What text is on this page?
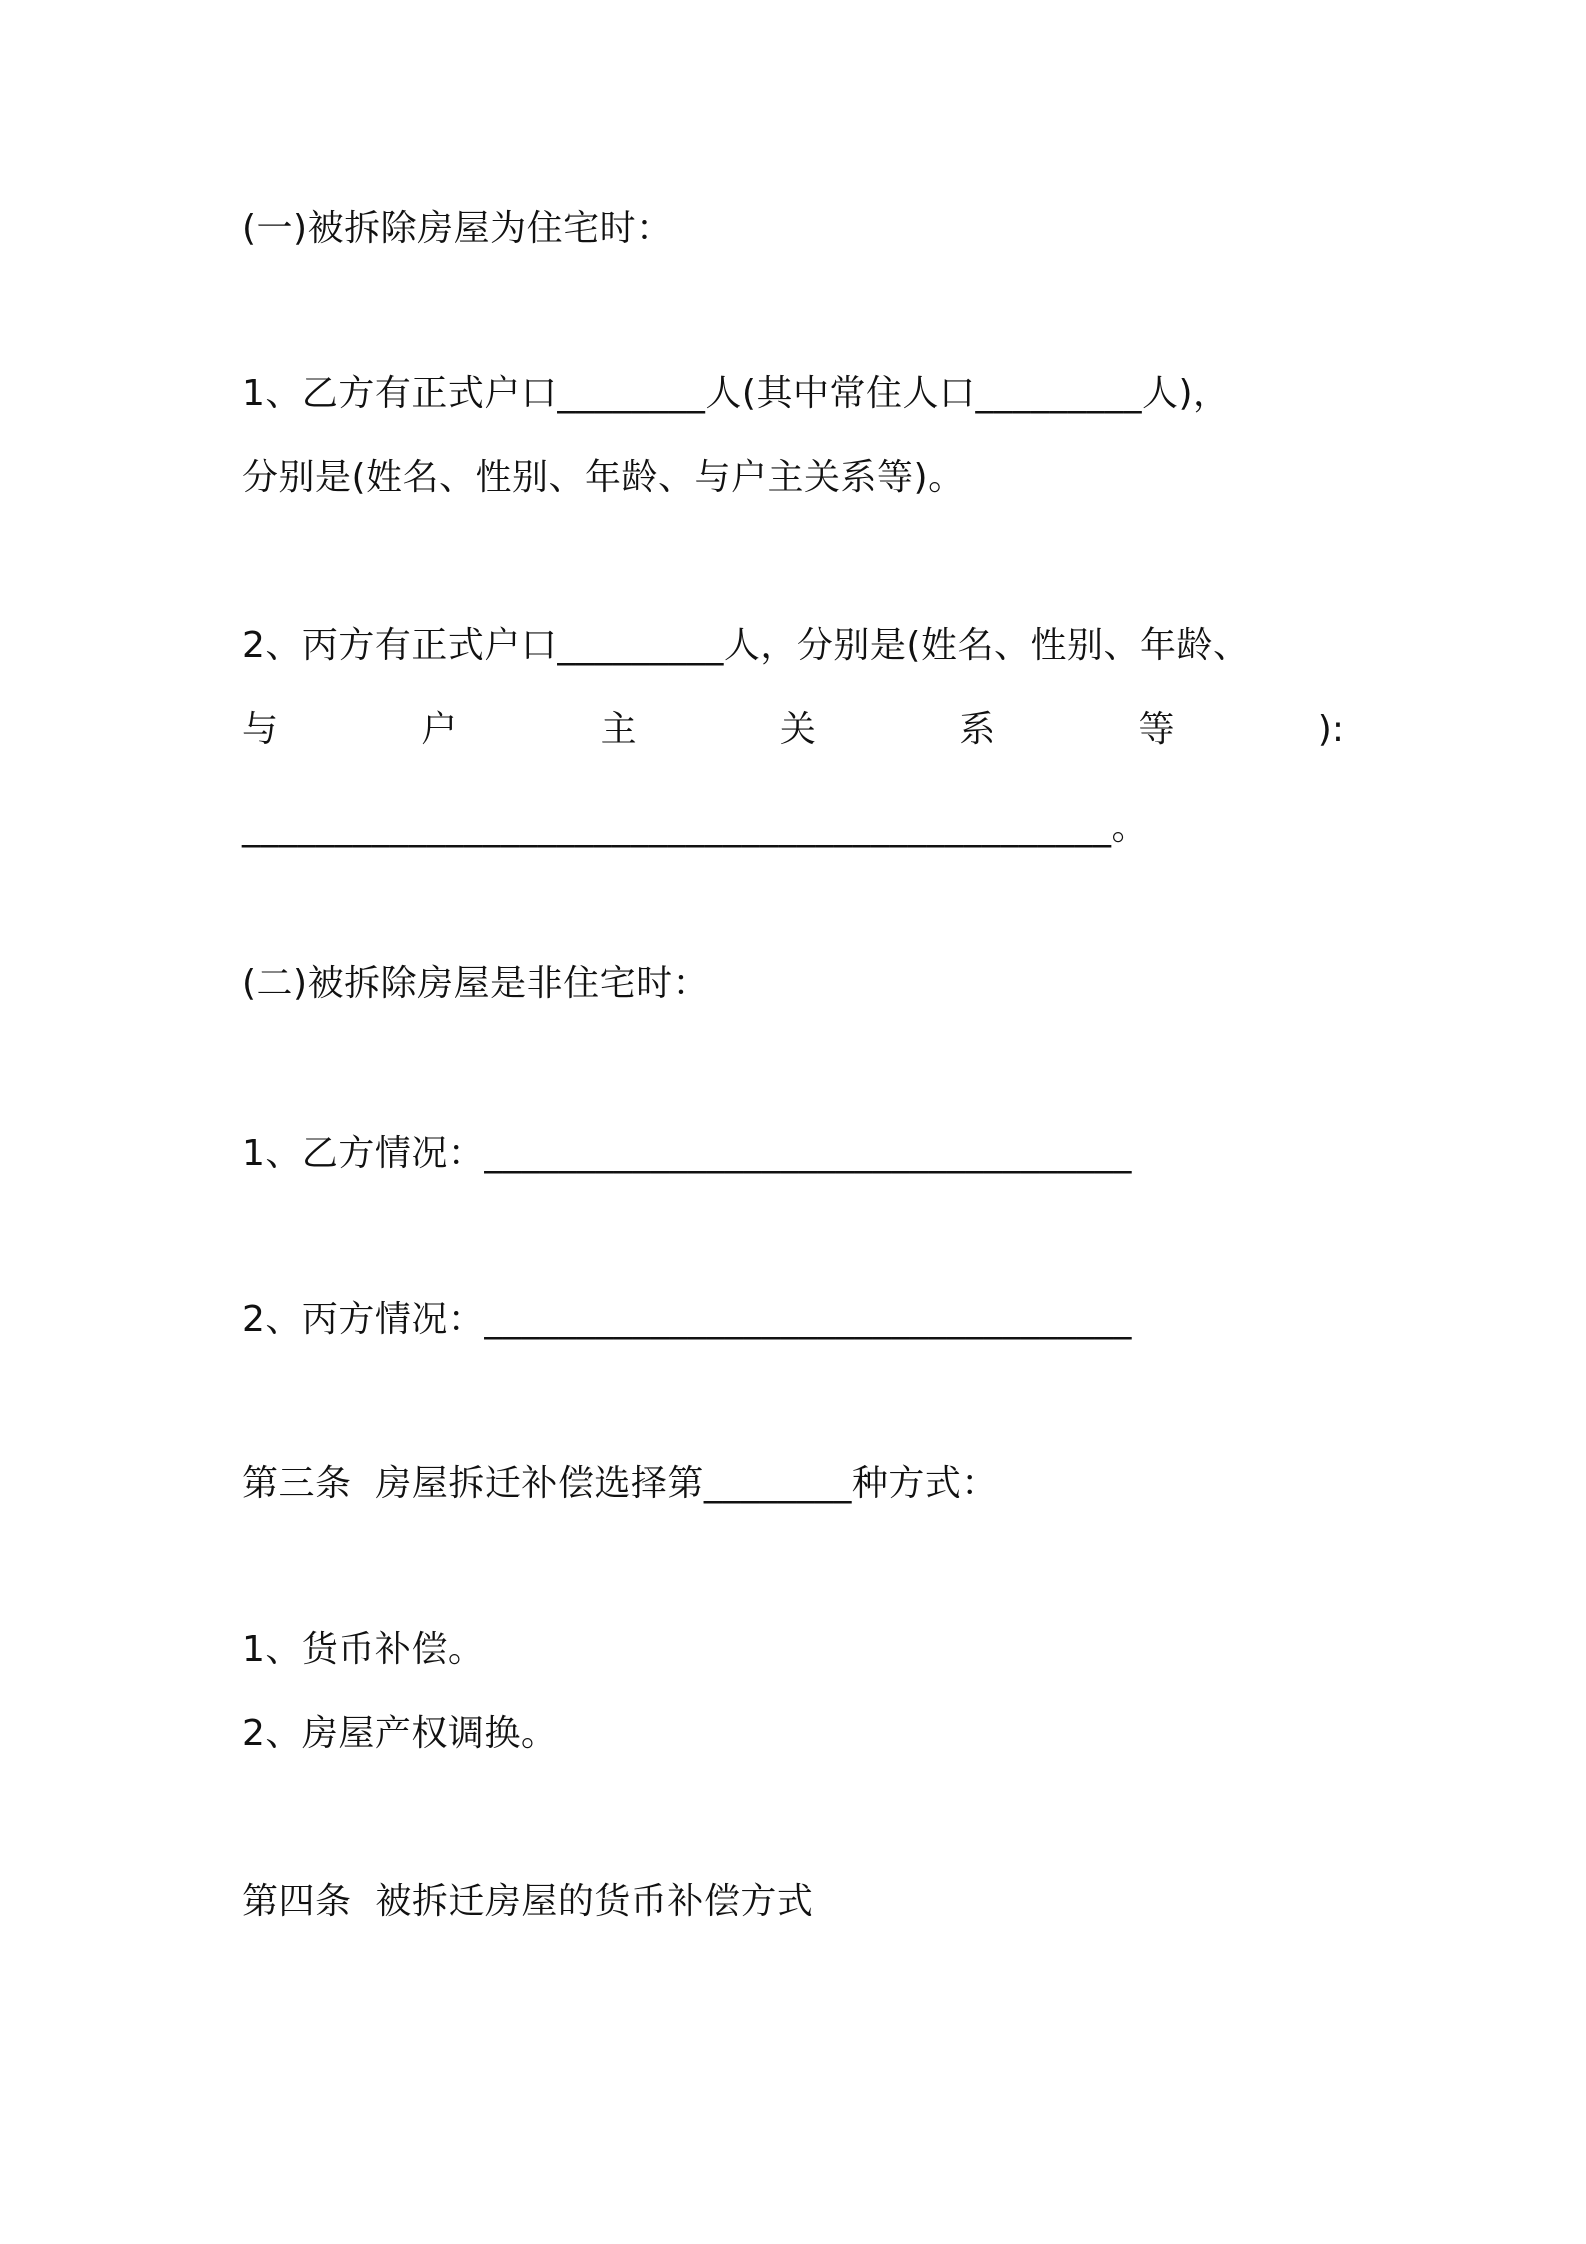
(一)被拆除房屋为住宅时：
1、乙方有正式户口________人(其中常住人口_________人)，
分别是(姓名、性别、年龄、与户主关系等)。
2、丙方有正式户口_________人，分别是(姓名、性别、年龄、
与	户	主	关	系	等	):
_______________________________________________。
(二)被拆除房屋是非住宅时：
1、乙方情况：___________________________________
2、丙方情况：___________________________________
第三条  房屋拆迁补偿选择第________种方式：
1、货币补偿。
2、房屋产权调换。
第四条  被拆迁房屋的货币补偿方式
